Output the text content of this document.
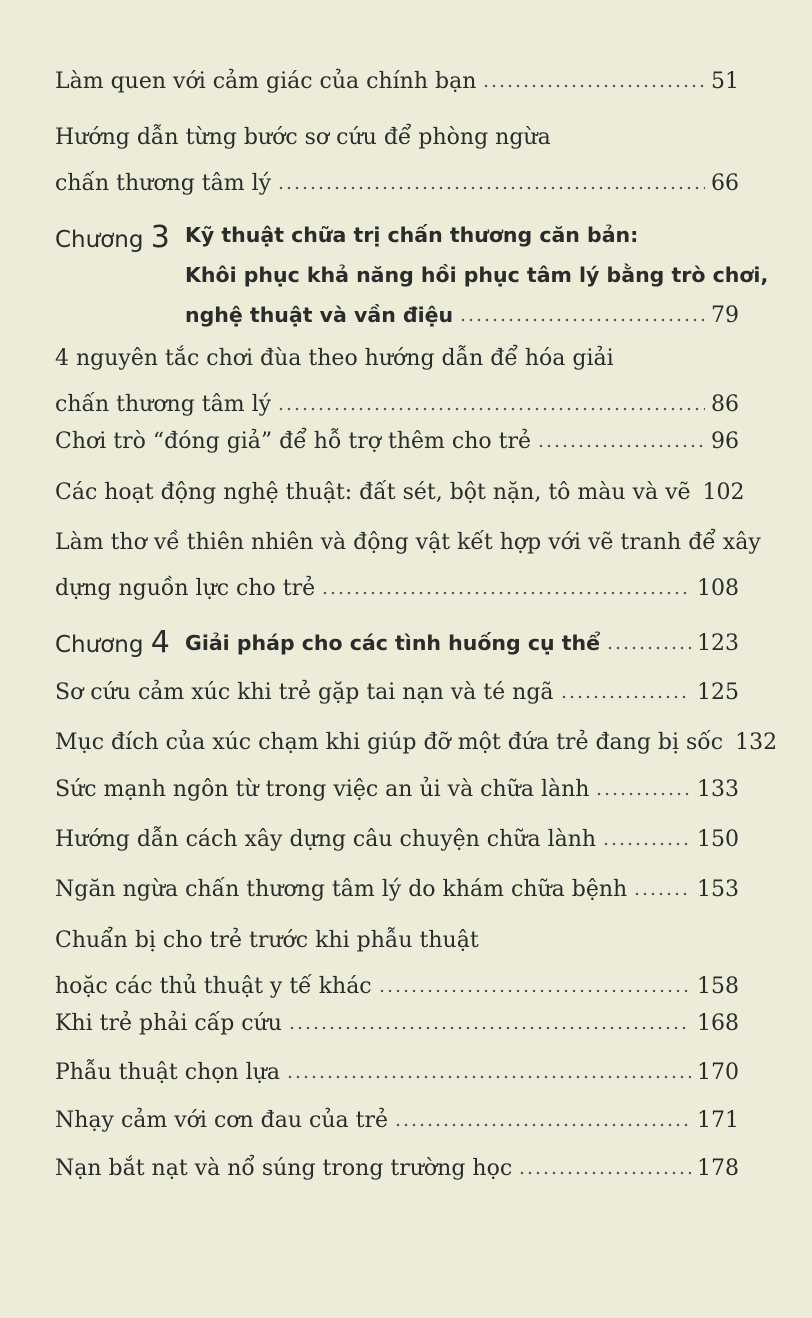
Làm quen với cảm giác của chính bạn	51
Hướng dẫn từng bước sơ cứu để phòng ngừa
chấn thương tâm lý	66
Chương 3 Kỹ thuật chữa trị chấn thương căn bản:
Khôi phục khả năng hồi phục tâm lý bằng trò chơi,
nghệ thuật và vần điệu	79
4 nguyên tắc chơi đùa theo hướng dẫn để hóa giải
chấn thương tâm lý	86
Chơi trò “đóng giả” để hỗ trợ thêm cho trẻ	96
Các hoạt động nghệ thuật: đất sét, bột nặn, tô màu và vẽ 102
Làm thơ về thiên nhiên và động vật kết hợp với vẽ tranh để xây
dựng nguồn lực cho trẻ	108
Chương 4 Giải pháp cho các tình huống cụ thể	123
Sơ cứu cảm xúc khi trẻ gặp tai nạn và té ngã	125
Mục đích của xúc chạm khi giúp đỡ một đứa trẻ đang bị sốc 132
Sức mạnh ngôn từ trong việc an ủi và chữa lành	133
Hướng dẫn cách xây dựng câu chuyện chữa lành	150
Ngăn ngừa chấn thương tâm lý do khám chữa bệnh	153
Chuẩn bị cho trẻ trước khi phẫu thuật
hoặc các thủ thuật y tế khác	158
Khi trẻ phải cấp cứu	168
Phẫu thuật chọn lựa	170
Nhạy cảm với cơn đau của trẻ	171
Nạn bắt nạt và nổ súng trong trường học	178
